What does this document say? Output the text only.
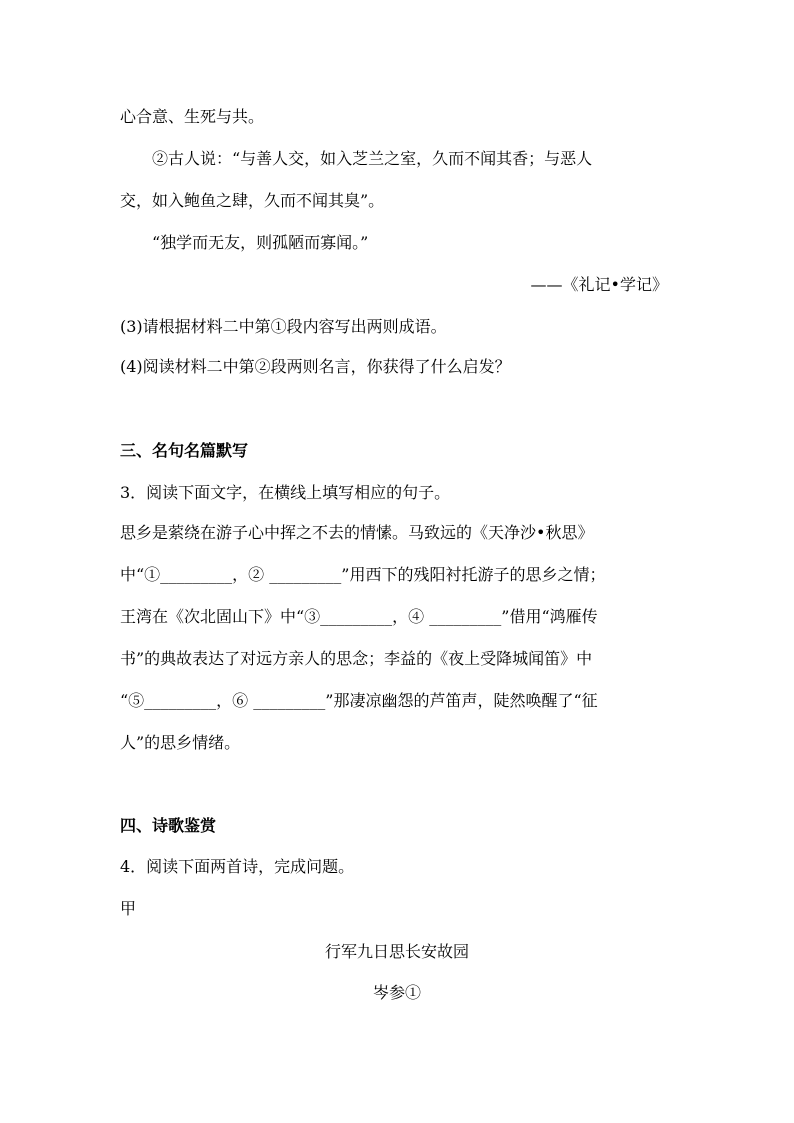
心合意、生死与共。
②古人说：“与善人交，如入芝兰之室，久而不闻其香；与恶人
交，如入鲍鱼之肆，久而不闻其臭”。
“独学而无友，则孤陋而寡闻。”
——《礼记•学记》
(3)请根据材料二中第①段内容写出两则成语。
(4)阅读材料二中第②段两则名言，你获得了什么启发？
三、名句名篇默写
3．阅读下面文字，在横线上填写相应的句子。
思乡是萦绕在游子心中挥之不去的情愫。马致远的《天净沙•秋思》
中“①_________，② _________”用西下的残阳衬托游子的思乡之情；
王湾在《次北固山下》中“③_________，④ _________”借用“鸿雁传
书”的典故表达了对远方亲人的思念；李益的《夜上受降城闻笛》中
“⑤_________，⑥ _________”那凄凉幽怨的芦笛声，陡然唤醒了“征
人”的思乡情绪。
四、诗歌鉴赏
4．阅读下面两首诗，完成问题。
甲
行军九日思长安故园
岑参①
